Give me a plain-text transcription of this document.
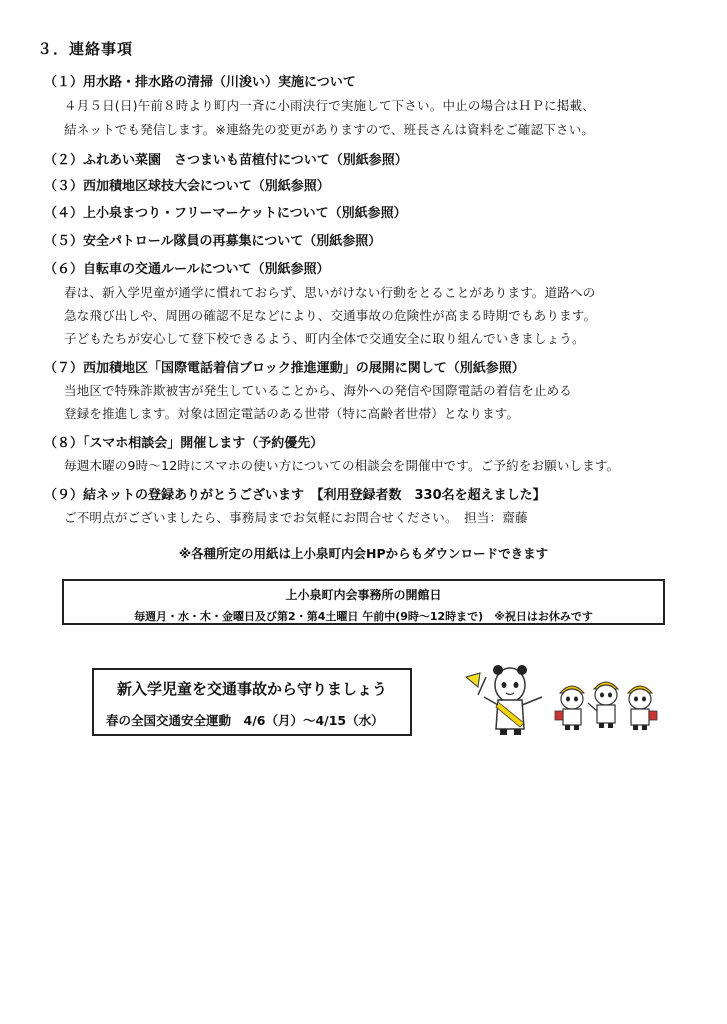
３．連絡事項
（１）用水路・排水路の清掃（川浚い）実施について
４月５日(日)午前８時より町内一斉に小雨決行で実施して下さい。中止の場合はＨＰに掲載、
結ネットでも発信します。※連絡先の変更がありますので、班長さんは資料をご確認下さい。
（２）ふれあい菜園　さつまいも苗植付について（別紙参照）
（３）西加積地区球技大会について（別紙参照）
（４）上小泉まつり・フリーマーケットについて（別紙参照）
（５）安全パトロール隊員の再募集について（別紙参照）
（６）自転車の交通ルールについて（別紙参照）
春は、新入学児童が通学に慣れておらず、思いがけない行動をとることがあります。道路への
急な飛び出しや、周囲の確認不足などにより、交通事故の危険性が高まる時期でもあります。
子どもたちが安心して登下校できるよう、町内全体で交通安全に取り組んでいきましょう。
（７）西加積地区「国際電話着信ブロック推進運動」の展開に関して（別紙参照）
当地区で特殊詐欺被害が発生していることから、海外への発信や国際電話の着信を止める
登録を推進します。対象は固定電話のある世帯（特に高齢者世帯）となります。
（８）「スマホ相談会」開催します（予約優先）
毎週木曜の9時～12時にスマホの使い方についての相談会を開催中です。ご予約をお願いします。
（９）結ネットの登録ありがとうございます　【利用登録者数　330名を超えました】
ご不明点がございましたら、事務局までお気軽にお問合せください。　担当：齋藤
※各種所定の用紙は上小泉町内会HPからもダウンロードできます
上小泉町内会事務所の開館日
毎週月・水・木・金曜日及び第2・第4土曜日 午前中(9時～12時まで)　※祝日はお休みです
新入学児童を交通事故から守りましょう
春の全国交通安全運動　4/6（月）～4/15（水）
